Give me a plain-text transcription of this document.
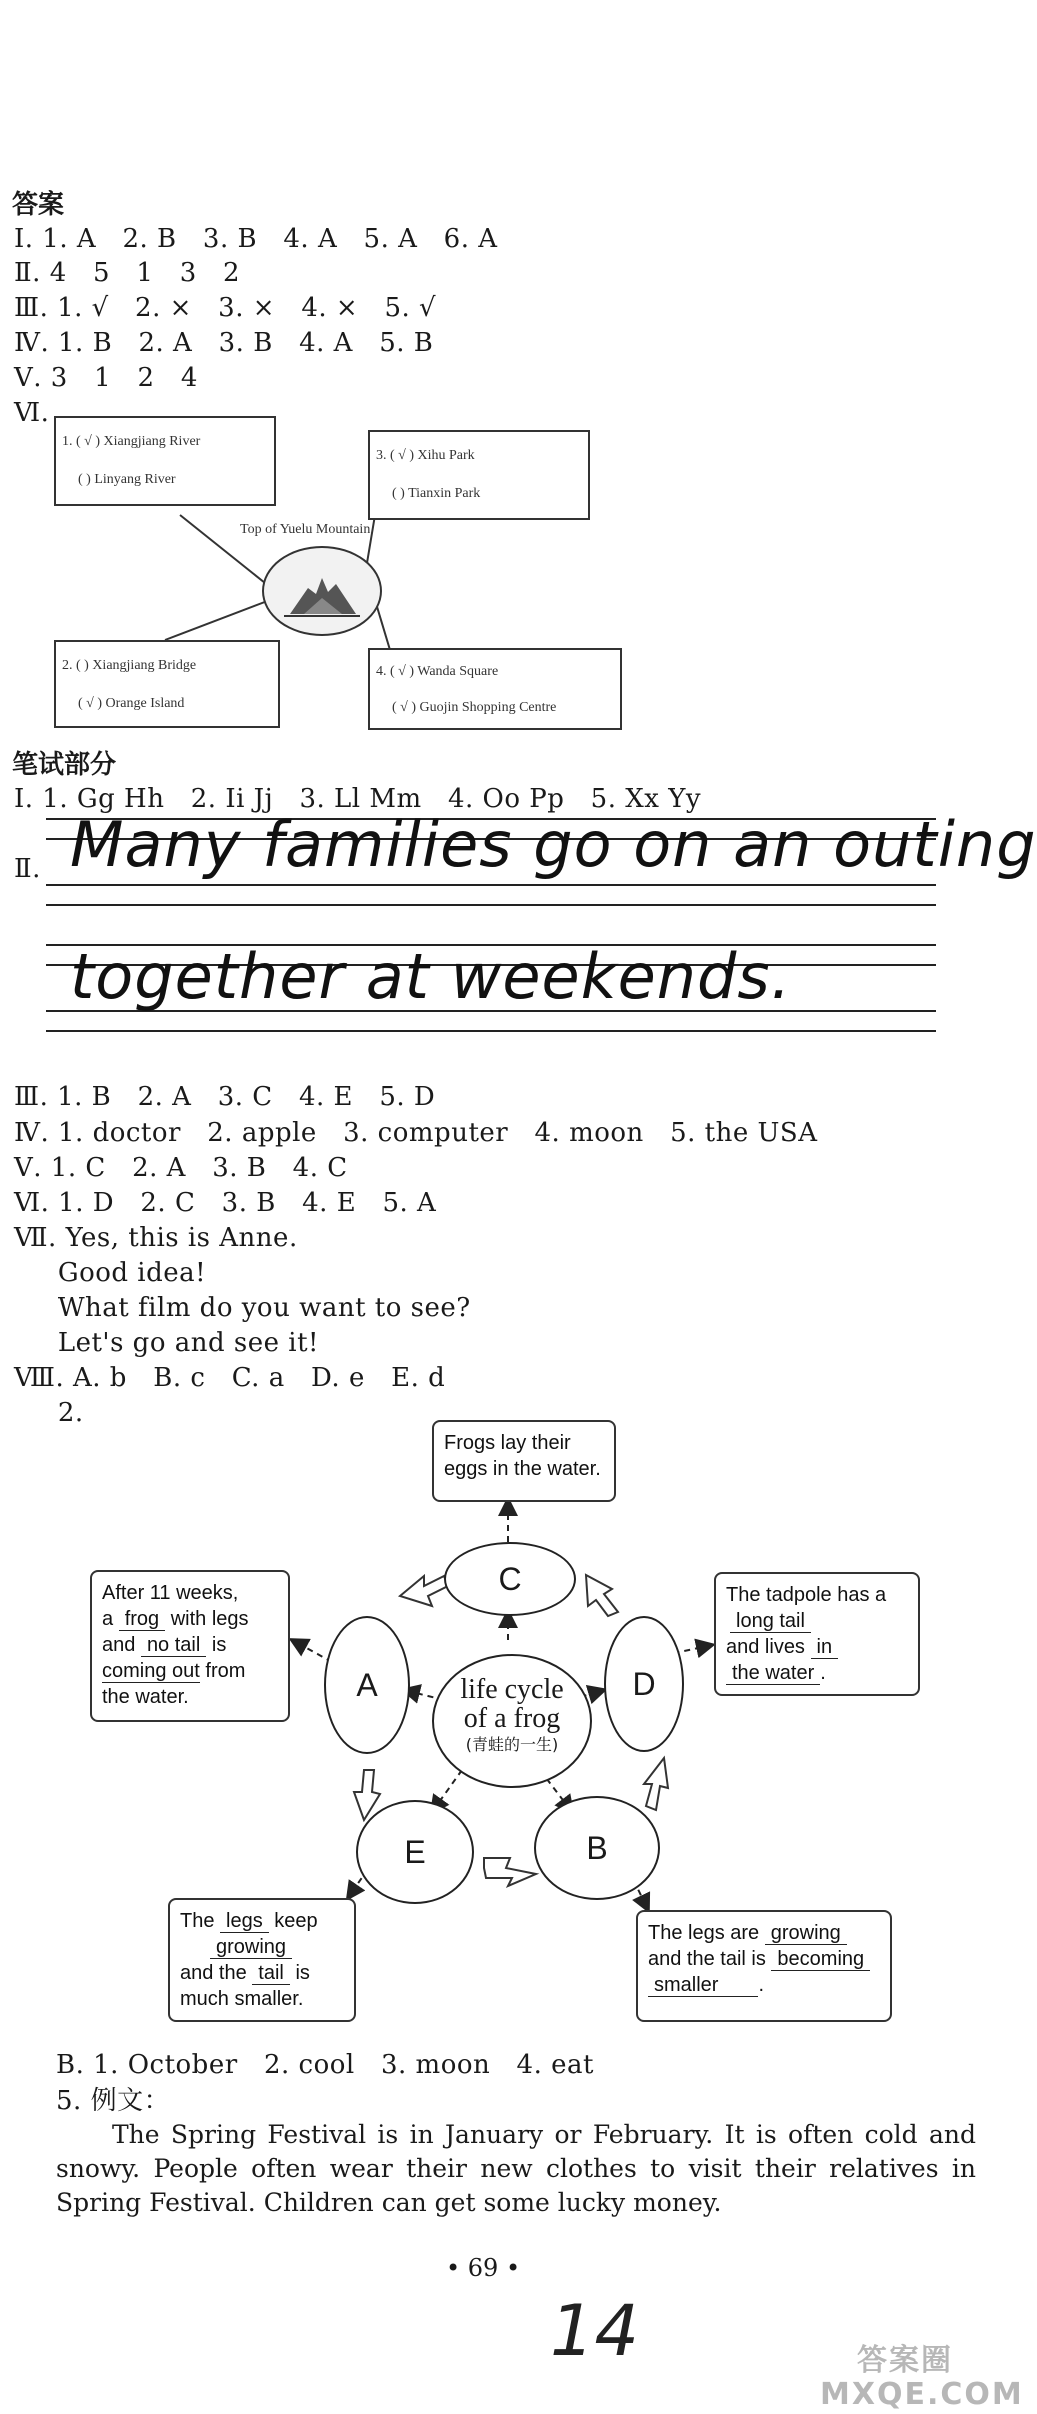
答案
Ⅰ. 1. A   2. B   3. B   4. A   5. A   6. A
Ⅱ. 4   5   1   3   2
Ⅲ. 1. √   2. ×   3. ×   4. ×   5. √
Ⅳ. 1. B   2. A   3. B   4. A   5. B
Ⅴ. 3   1   2   4
Ⅵ.
1. ( √ ) Xiangjiang River
( ) Linyang River
3. ( √ ) Xihu Park
( ) Tianxin Park
Top of Yuelu Mountain
2. ( ) Xiangjiang Bridge
( √ ) Orange Island
4. ( √ ) Wanda Square
( √ ) Guojin Shopping Centre
笔试部分
Ⅰ. 1. Gg Hh   2. Ii Jj   3. Ll Mm   4. Oo Pp   5. Xx Yy
Ⅱ. Many families go on an outing
together at weekends.
Ⅲ. 1. B   2. A   3. C   4. E   5. D
Ⅳ. 1. doctor   2. apple   3. computer   4. moon   5. the USA
Ⅴ. 1. C   2. A   3. B   4. C
Ⅵ. 1. D   2. C   3. B   4. E   5. A
Ⅶ. Yes, this is Anne.
Good idea!
What film do you want to see?
Let's go and see it!
Ⅷ. A. b   B. c   C. a   D. e   E. d
2.
Frogs lay their
eggs in the water.
The tadpole has a
long tail
and lives in
the water .
After 11 weeks,
a frog with legs
and no tail is
coming out from
the water.
The legs keep
growing
and the tail is
much smaller.
The legs are growing
and the tail is becoming
smaller .
C
D
B
E
A	life cycle
of a frog
(青蛙的一生)
B. 1. October   2. cool   3. moon   4. eat
5. 例文：
The Spring Festival is in January or February. It is often cold and snowy. People often wear their new clothes to visit their relatives in Spring Festival. Children can get some lucky money.
• 69 •
14	答案圈 MXQE.COM
